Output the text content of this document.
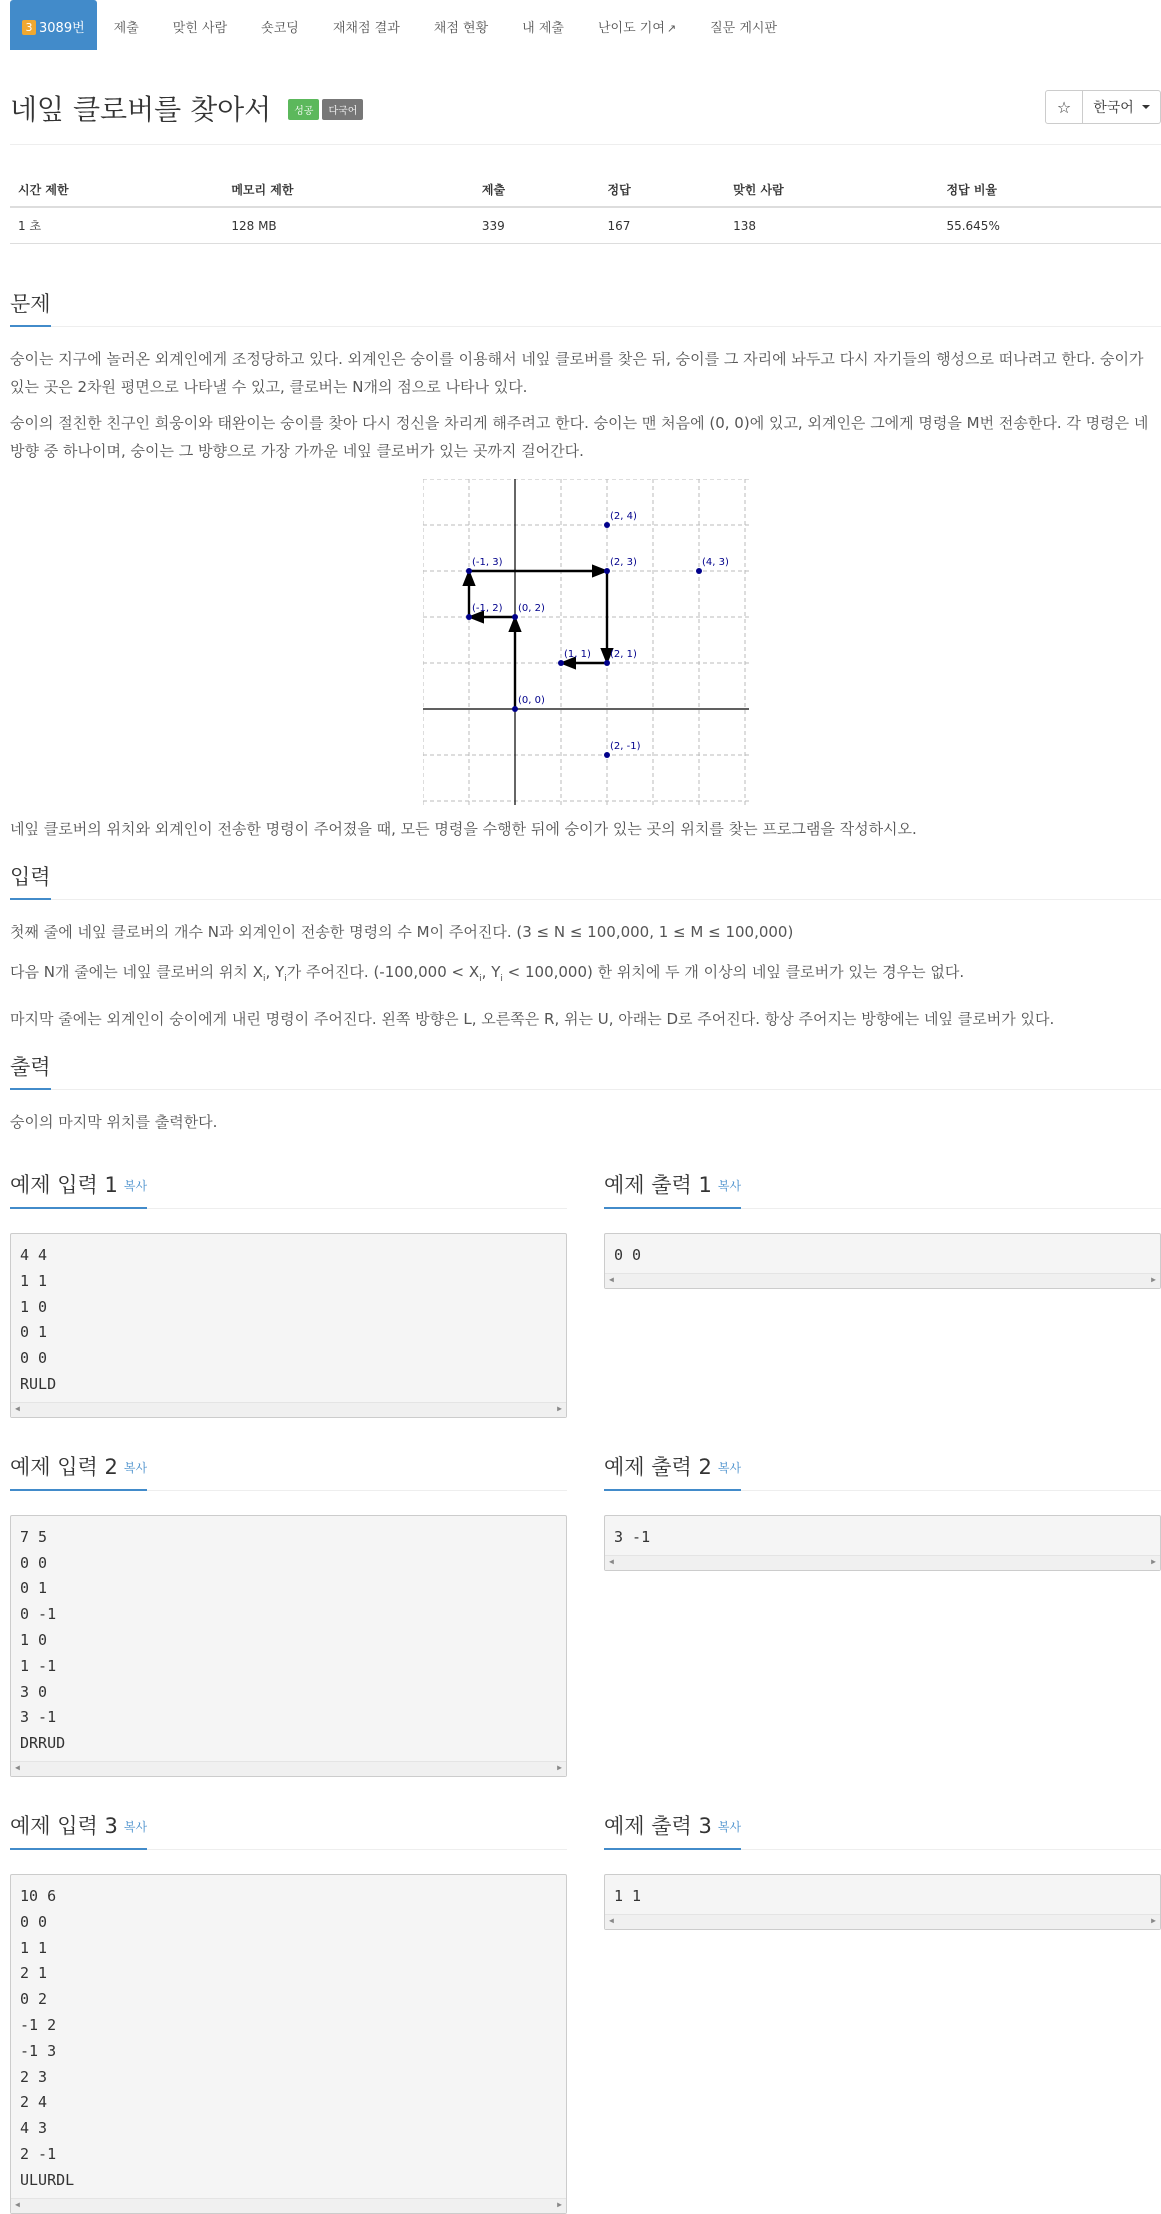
3 3089번	제출	맞힌 사람	숏코딩	재채점 결과	채점 현황	내 제출	난이도 기여 ↗	질문 게시판
네잎 클로버를 찾아서 성공 다국어	☆ 한국어
시간 제한	메모리 제한	제출	정답	맞힌 사람	정답 비율
1 초	128 MB	339	167	138	55.645%
문제

숭이는 지구에 놀러온 외계인에게 조정당하고 있다. 외계인은 숭이를 이용해서 네잎 클로버를 찾은 뒤, 숭이를 그 자리에 놔두고 다시 자기들의 행성으로 떠나려고 한다. 숭이가 있는 곳은 2차원 평면으로 나타낼 수 있고, 클로버는 N개의 점으로 나타나 있다.

숭이의 절친한 친구인 희웅이와 태완이는 숭이를 찾아 다시 정신을 차리게 해주려고 한다. 숭이는 맨 처음에 (0, 0)에 있고, 외계인은 그에게 명령을 M번 전송한다. 각 명령은 네 방향 중 하나이며, 숭이는 그 방향으로 가장 가까운 네잎 클로버가 있는 곳까지 걸어간다.

(2, 4)
(-1, 3)	(2, 3)	(4, 3)
(-1, 2) (0, 2)
(1, 1) (2, 1)
(0, 0)
(2, -1)

네잎 클로버의 위치와 외계인이 전송한 명령이 주어졌을 때, 모든 명령을 수행한 뒤에 숭이가 있는 곳의 위치를 찾는 프로그램을 작성하시오.

입력

첫째 줄에 네잎 클로버의 개수 N과 외계인이 전송한 명령의 수 M이 주어진다. (3 ≤ N ≤ 100,000, 1 ≤ M ≤ 100,000)

다음 N개 줄에는 네잎 클로버의 위치 $X_i$, $Y_i$가 주어진다. ($-100,000 < X_i$, $Y_i < 100,000$) 한 위치에 두 개 이상의 네잎 클로버가 있는 경우는 없다.

마지막 줄에는 외계인이 숭이에게 내린 명령이 주어진다. 왼쪽 방향은 L, 오른쪽은 R, 위는 U, 아래는 D로 주어진다. 항상 주어지는 방향에는 네잎 클로버가 있다.

출력

숭이의 마지막 위치를 출력한다.

예제 입력 1 복사
4 4
1 1
1 0
0 1
0 0
RULD
◀	▶
예제 출력 1 복사
0 0
◀	▶
예제 입력 2 복사
7 5
0 0
0 1
0 -1
1 0
1 -1
3 0
3 -1
DRRUD
◀	▶
예제 출력 2 복사
3 -1
◀	▶
예제 입력 3 복사
10 6
0 0
1 1
2 1
0 2
-1 2
-1 3
2 3
2 4
4 3
2 -1
ULURDL
◀	▶
예제 출력 3 복사
1 1
◀	▶
